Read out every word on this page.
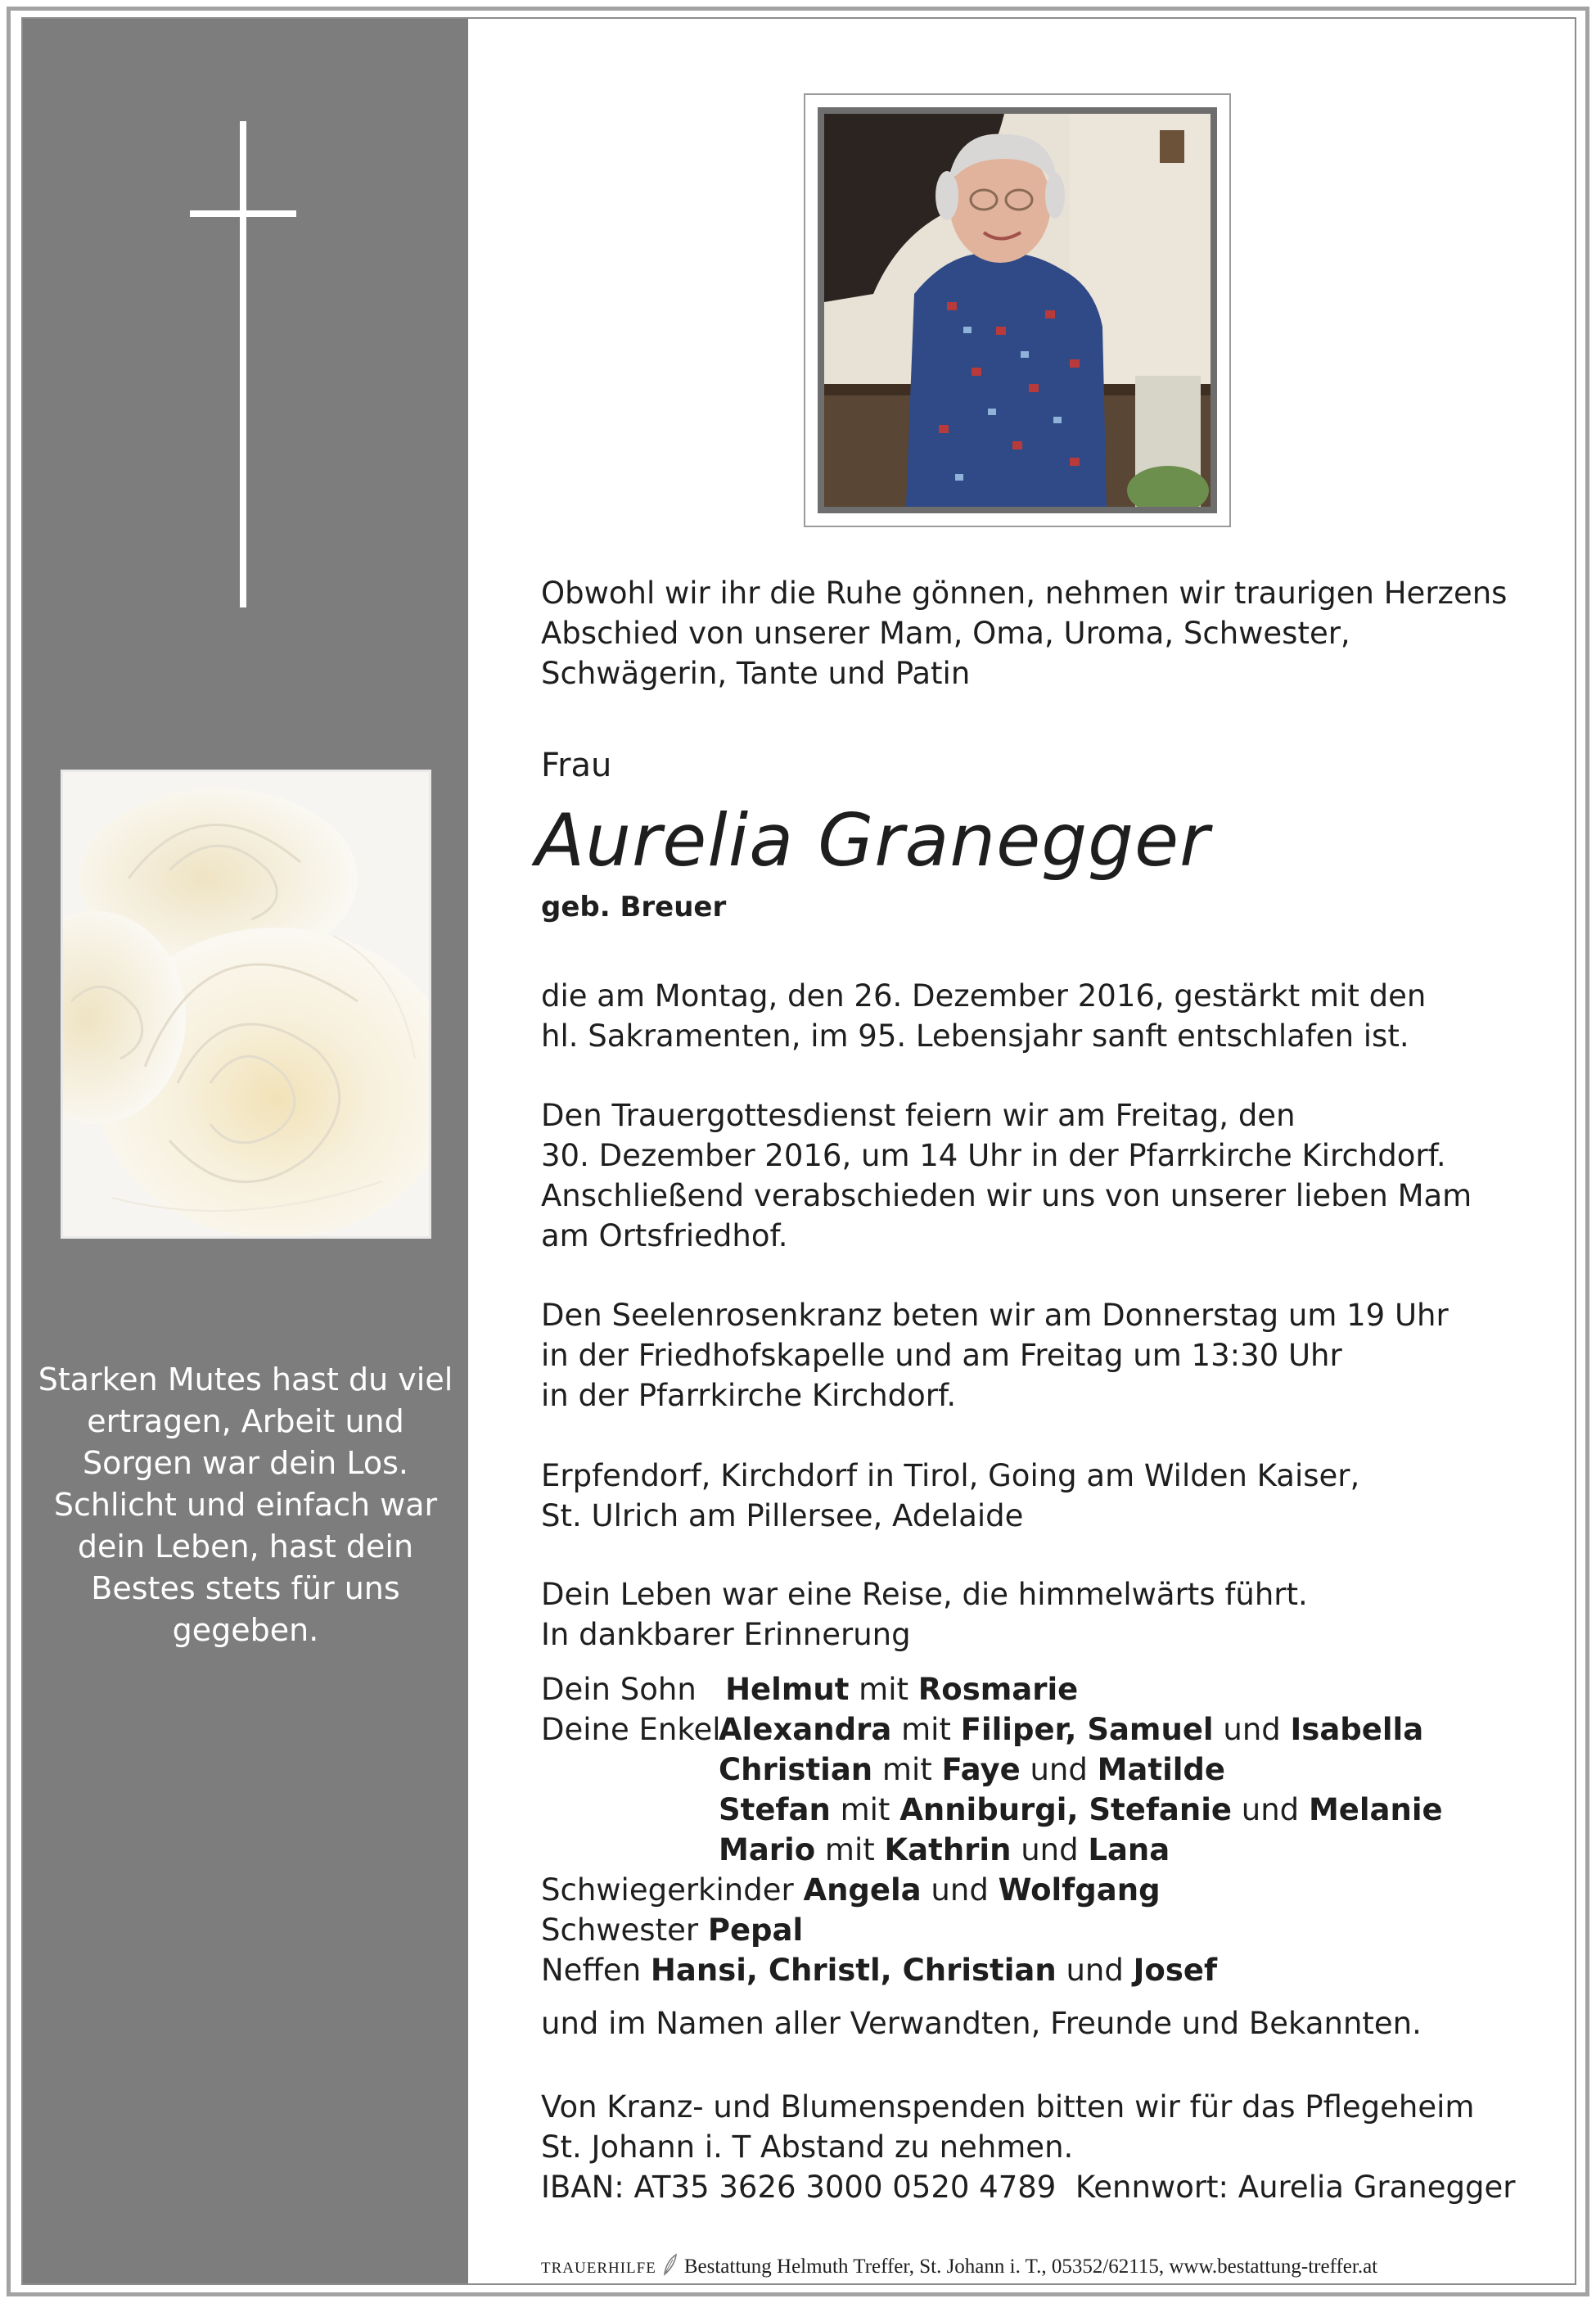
Starken Mutes hast du viel
ertragen, Arbeit und
Sorgen war dein Los.
Schlicht und einfach war
dein Leben, hast dein
Bestes stets für uns
gegeben.
Obwohl wir ihr die Ruhe gönnen, nehmen wir traurigen Herzens
Abschied von unserer Mam, Oma, Uroma, Schwester,
Schwägerin, Tante und Patin
Frau
Aurelia Granegger
geb. Breuer
die am Montag, den 26. Dezember 2016, gestärkt mit den
hl. Sakramenten, im 95. Lebensjahr sanft entschlafen ist.
Den Trauergottesdienst feiern wir am Freitag, den
30. Dezember 2016, um 14 Uhr in der Pfarrkirche Kirchdorf.
Anschließend verabschieden wir uns von unserer lieben Mam
am Ortsfriedhof.
Den Seelenrosenkranz beten wir am Donnerstag um 19 Uhr
in der Friedhofskapelle und am Freitag um 13:30 Uhr
in der Pfarrkirche Kirchdorf.
Erpfendorf, Kirchdorf in Tirol, Going am Wilden Kaiser,
St. Ulrich am Pillersee, Adelaide
Dein Leben war eine Reise, die himmelwärts führt.
In dankbarer Erinnerung
Dein Sohn Helmut mit Rosmarie
Deine Enkel
Alexandra mit Filiper, Samuel und Isabella
Christian mit Faye und Matilde
Stefan mit Anniburgi, Stefanie und Melanie
Mario mit Kathrin und Lana
Schwiegerkinder Angela und Wolfgang
Schwester Pepal
Neffen Hansi, Christl, Christian und Josef
und im Namen aller Verwandten, Freunde und Bekannten.
Von Kranz- und Blumenspenden bitten wir für das Pflegeheim
St. Johann i. T Abstand zu nehmen.
IBAN: AT35 3626 3000 0520 4789  Kennwort: Aurelia Granegger
TRAUERHILFE Bestattung Helmuth Treffer, St. Johann i. T., 05352/62115, www.bestattung-treffer.at
